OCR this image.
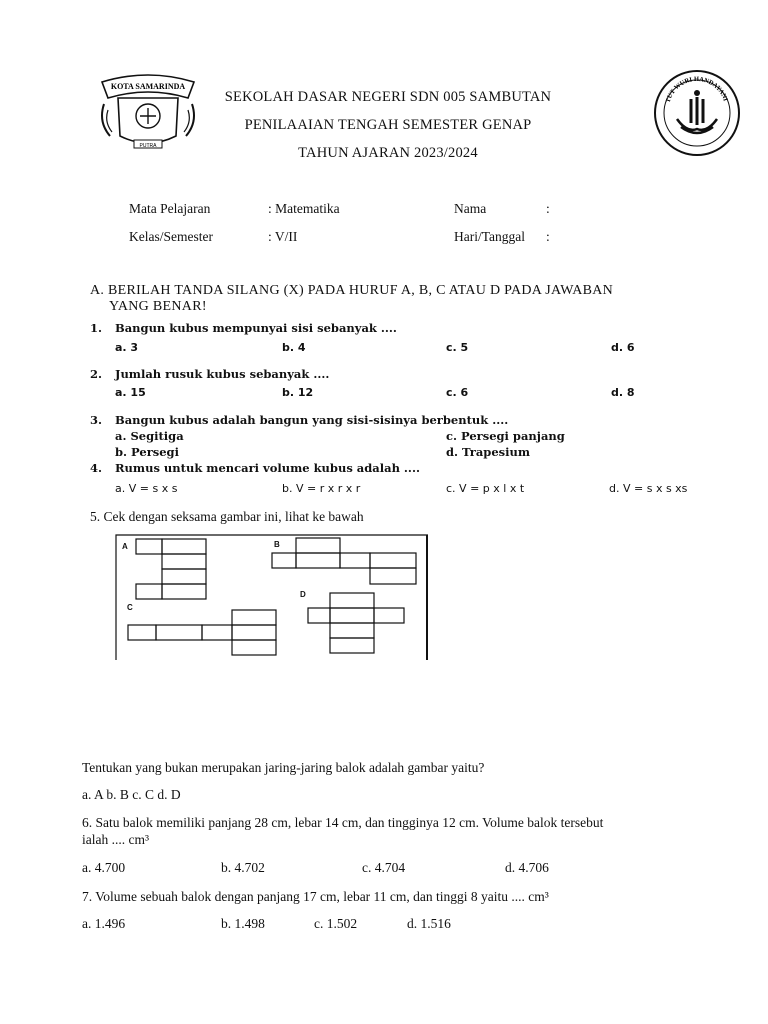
KOTA SAMARINDA
PUTRA
TUT WURI HANDAYANI
SEKOLAH DASAR NEGERI SDN 005 SAMBUTAN
PENILAAIAN TENGAH SEMESTER GENAP
TAHUN AJARAN 2023/2024
Mata Pelajaran	: Matematika	Nama	:
Kelas/Semester	: V/II	Hari/Tanggal :
A. BERILAH TANDA SILANG (X) PADA HURUF A, B, C ATAU D PADA JAWABAN
YANG BENAR!
1. Bangun kubus mempunyai sisi sebanyak ....
a. 3	b. 4	c. 5	d. 6
2. Jumlah rusuk kubus sebanyak ....
a. 15	b. 12	c. 6	d. 8
3. Bangun kubus adalah bangun yang sisi-sisinya berbentuk ....
a. Segitiga	c. Persegi panjang
b. Persegi	d. Trapesium
4. Rumus untuk mencari volume kubus adalah ....
a. V = s x s	b. V = r x r x r	c. V = p x l x t	d. V = s x s xs
5. Cek dengan seksama gambar ini, lihat ke bawah
A	B
C
D
Tentukan yang bukan merupakan jaring-jaring balok adalah gambar yaitu?
a. A b. B c. C d. D
6. Satu balok memiliki panjang 28 cm, lebar 14 cm, dan tingginya 12 cm. Volume balok tersebut
ialah .... cm³
a. 4.700	b. 4.702	c. 4.704	d. 4.706
7. Volume sebuah balok dengan panjang 17 cm, lebar 11 cm, dan tinggi 8 yaitu .... cm³
a. 1.496	b. 1.498	c. 1.502	d. 1.516
